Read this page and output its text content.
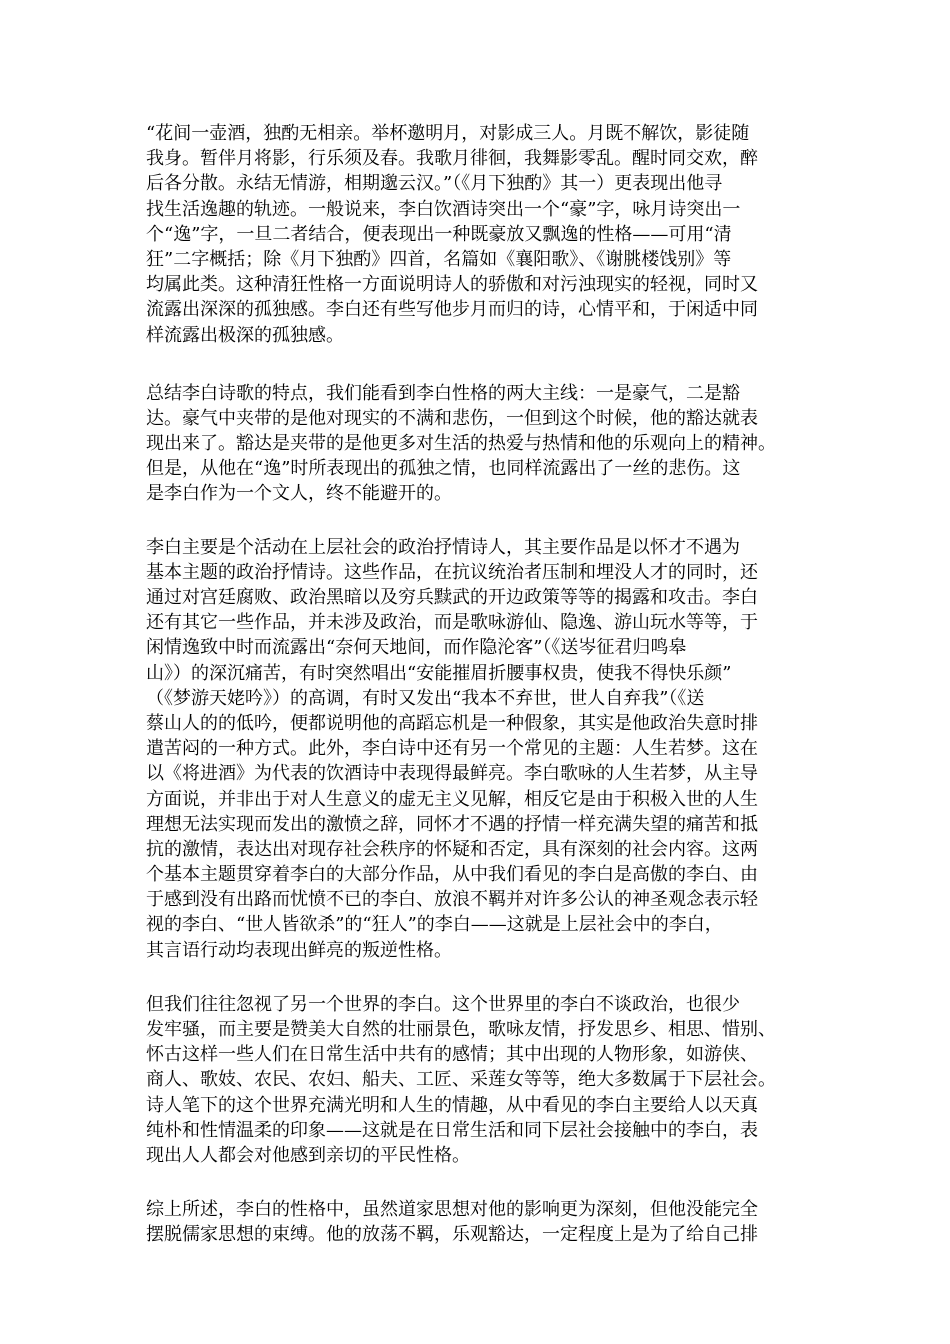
“花间一壶酒，独酌无相亲。举杯邀明月，对影成三人。月既不解饮，影徒随
我身。暂伴月将影，行乐须及春。我歌月徘徊，我舞影零乱。醒时同交欢，醉
后各分散。永结无情游，相期邈云汉。”（《月下独酌》其一）更表现出他寻
找生活逸趣的轨迹。一般说来，李白饮酒诗突出一个“豪”字，咏月诗突出一
个“逸”字，一旦二者结合，便表现出一种既豪放又飘逸的性格——可用“清
狂”二字概括；除《月下独酌》四首，名篇如《襄阳歌》、《谢朓楼饯别》等
均属此类。这种清狂性格一方面说明诗人的骄傲和对污浊现实的轻视，同时又
流露出深深的孤独感。李白还有些写他步月而归的诗，心情平和，于闲适中同
样流露出极深的孤独感。

总结李白诗歌的特点，我们能看到李白性格的两大主线：一是豪气，二是豁
达。豪气中夹带的是他对现实的不满和悲伤，一但到这个时候，他的豁达就表
现出来了。豁达是夹带的是他更多对生活的热爱与热情和他的乐观向上的精神。
但是，从他在“逸”时所表现出的孤独之情，也同样流露出了一丝的悲伤。这
是李白作为一个文人，终不能避开的。

李白主要是个活动在上层社会的政治抒情诗人，其主要作品是以怀才不遇为
基本主题的政治抒情诗。这些作品，在抗议统治者压制和埋没人才的同时，还
通过对宫廷腐败、政治黑暗以及穷兵黩武的开边政策等等的揭露和攻击。李白
还有其它一些作品，并未涉及政治，而是歌咏游仙、隐逸、游山玩水等等，于
闲情逸致中时而流露出“奈何天地间，而作隐沦客”（《送岑征君归鸣皋
山》）的深沉痛苦，有时突然唱出“安能摧眉折腰事权贵，使我不得快乐颜”
（《梦游天姥吟》）的高调，有时又发出“我本不弃世，世人自弃我”（《送
蔡山人的的低吟，便都说明他的高蹈忘机是一种假象，其实是他政治失意时排
遣苦闷的一种方式。此外，李白诗中还有另一个常见的主题：人生若梦。这在
以《将进酒》为代表的饮酒诗中表现得最鲜亮。李白歌咏的人生若梦，从主导
方面说，并非出于对人生意义的虚无主义见解，相反它是由于积极入世的人生
理想无法实现而发出的激愤之辞，同怀才不遇的抒情一样充满失望的痛苦和抵
抗的激情，表达出对现存社会秩序的怀疑和否定，具有深刻的社会内容。这两
个基本主题贯穿着李白的大部分作品，从中我们看见的李白是高傲的李白、由
于感到没有出路而忧愤不已的李白、放浪不羁并对许多公认的神圣观念表示轻
视的李白、“世人皆欲杀”的“狂人”的李白——这就是上层社会中的李白，
其言语行动均表现出鲜亮的叛逆性格。

但我们往往忽视了另一个世界的李白。这个世界里的李白不谈政治，也很少
发牢骚，而主要是赞美大自然的壮丽景色，歌咏友情，抒发思乡、相思、惜别、
怀古这样一些人们在日常生活中共有的感情；其中出现的人物形象，如游侠、
商人、歌妓、农民、农妇、船夫、工匠、采莲女等等，绝大多数属于下层社会。
诗人笔下的这个世界充满光明和人生的情趣，从中看见的李白主要给人以天真
纯朴和性情温柔的印象——这就是在日常生活和同下层社会接触中的李白，表
现出人人都会对他感到亲切的平民性格。

综上所述，李白的性格中，虽然道家思想对他的影响更为深刻，但他没能完全
摆脱儒家思想的束缚。他的放荡不羁，乐观豁达，一定程度上是为了给自己排
